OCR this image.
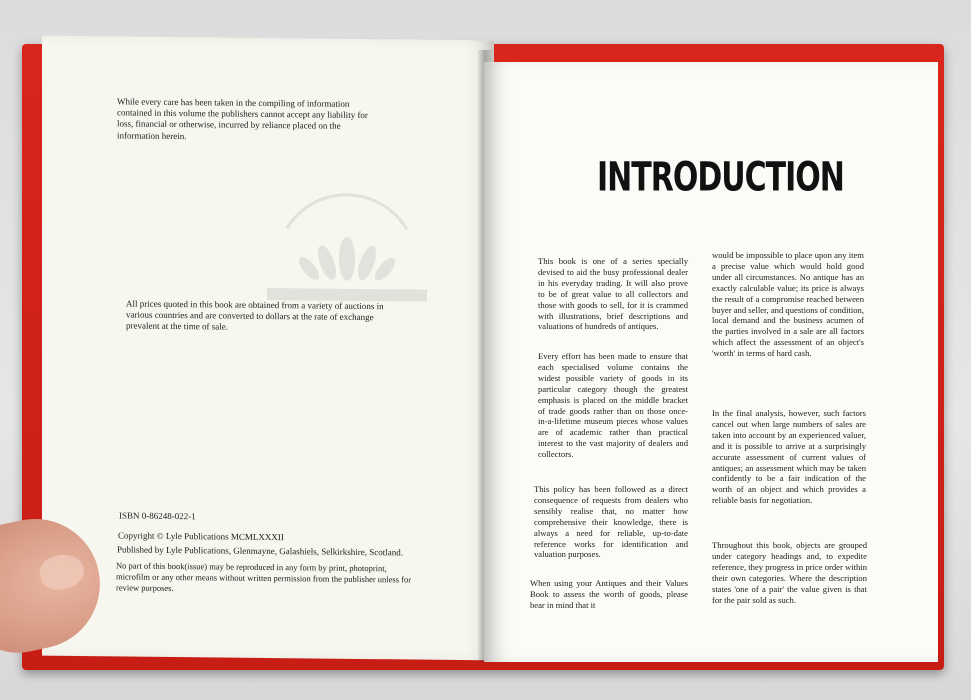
While every care has been taken in the compiling of information contained in this volume the publishers cannot accept any liability for loss, financial or otherwise, incurred by reliance placed on the information herein.
All prices quoted in this book are obtained from a variety of auctions in various countries and are converted to dollars at the rate of exchange prevalent at the time of sale.
ISBN 0-86248-022-1
Copyright © Lyle Publications MCMLXXXII
Published by Lyle Publications, Glenmayne, Galashiels, Selkirkshire, Scotland.
No part of this book(issue) may be reproduced in any form by print, photoprint, microfilm or any other means without written permission from the publisher unless for review purposes.
INTRODUCTION
This book is one of a series specially devised to aid the busy professional dealer in his everyday trading. It will also prove to be of great value to all collectors and those with goods to sell, for it is crammed with illustrations, brief descriptions and valuations of hundreds of antiques.
Every effort has been made to ensure that each specialised volume contains the widest possible variety of goods in its particular category though the greatest emphasis is placed on the middle bracket of trade goods rather than on those once-in-a-lifetime museum pieces whose values are of academic rather than practical interest to the vast majority of dealers and collectors.
This policy has been followed as a direct consequence of requests from dealers who sensibly realise that, no matter how comprehensive their knowledge, there is always a need for reliable, up-to-date reference works for identification and valuation purposes.
When using your Antiques and their Values Book to assess the worth of goods, please bear in mind that it
would be impossible to place upon any item a precise value which would hold good under all circumstances. No antique has an exactly calculable value; its price is always the result of a compromise reached between buyer and seller, and questions of condition, local demand and the business acumen of the parties involved in a sale are all factors which affect the assessment of an object's 'worth' in terms of hard cash.
In the final analysis, however, such factors cancel out when large numbers of sales are taken into account by an experienced valuer, and it is possible to arrive at a surprisingly accurate assessment of current values of antiques; an assessment which may be taken confidently to be a fair indication of the worth of an object and which provides a reliable basis for negotiation.
Throughout this book, objects are grouped under category headings and, to expedite reference, they progress in price order within their own categories. Where the description states 'one of a pair' the value given is that for the pair sold as such.
